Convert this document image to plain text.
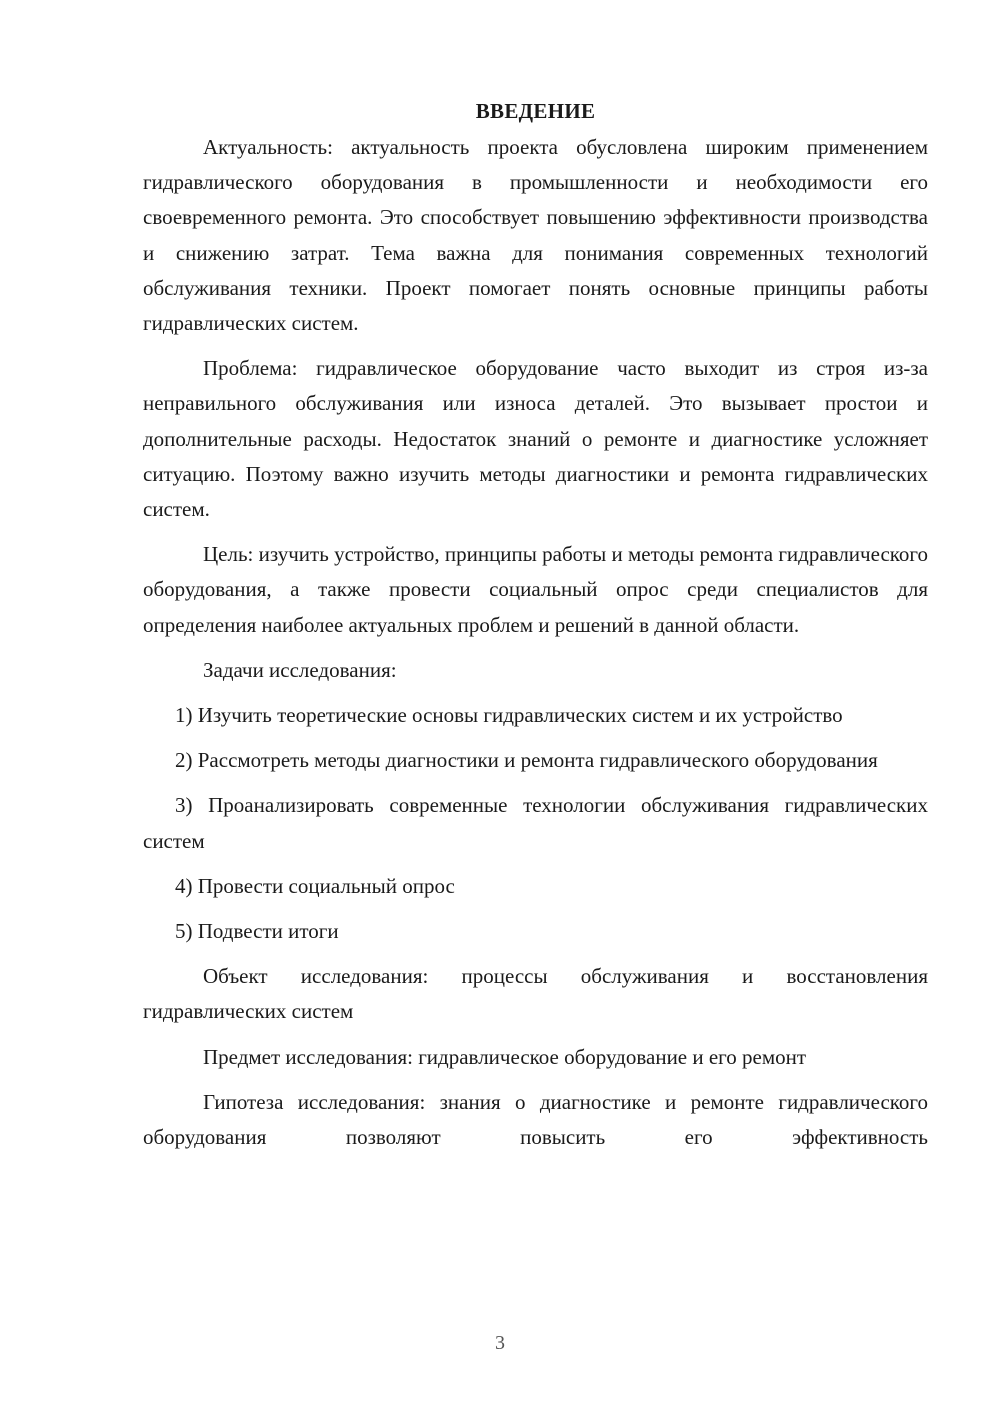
ВВЕДЕНИЕ

Актуальность: актуальность проекта обусловлена широким применением гидравлического оборудования в промышленности и необходимости его своевременного ремонта. Это способствует повышению эффективности производства и снижению затрат. Тема важна для понимания современных технологий обслуживания техники. Проект помогает понять основные принципы работы гидравлических систем.

Проблема: гидравлическое оборудование часто выходит из строя из-за неправильного обслуживания или износа деталей. Это вызывает простои и дополнительные расходы. Недостаток знаний о ремонте и диагностике усложняет ситуацию. Поэтому важно изучить методы диагностики и ремонта гидравлических систем.

Цель: изучить устройство, принципы работы и методы ремонта гидравлического оборудования, а также провести социальный опрос среди специалистов для определения наиболее актуальных проблем и решений в данной области.

Задачи исследования:

1) Изучить теоретические основы гидравлических систем и их устройство

2) Рассмотреть методы диагностики и ремонта гидравлического оборудования

3) Проанализировать современные технологии обслуживания гидравлических систем

4) Провести социальный опрос

5) Подвести итоги

Объект исследования: процессы обслуживания и восстановления гидравлических систем

Предмет исследования: гидравлическое оборудование и его ремонт

Гипотеза исследования: знания о диагностике и ремонте гидравлического оборудования позволяют повысить его эффективность

3
